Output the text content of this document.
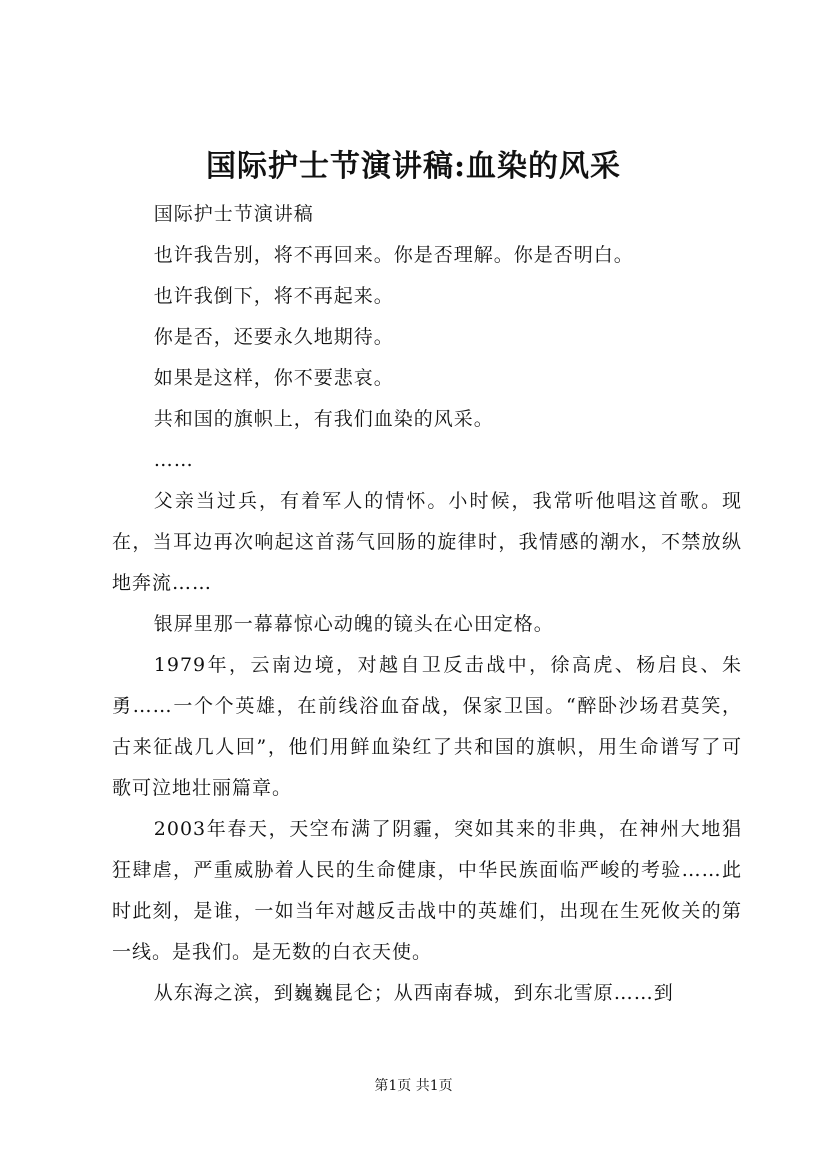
国际护士节演讲稿:血染的风采

国际护士节演讲稿

也许我告别，将不再回来。你是否理解。你是否明白。

也许我倒下，将不再起来。

你是否，还要永久地期待。

如果是这样，你不要悲哀。

共和国的旗帜上，有我们血染的风采。

……

父亲当过兵，有着军人的情怀。小时候，我常听他唱这首歌。现在，当耳边再次响起这首荡气回肠的旋律时，我情感的潮水，不禁放纵地奔流……

银屏里那一幕幕惊心动魄的镜头在心田定格。

1979年，云南边境，对越自卫反击战中，徐高虎、杨启良、朱勇……一个个英雄，在前线浴血奋战，保家卫国。“醉卧沙场君莫笑，古来征战几人回”，他们用鲜血染红了共和国的旗帜，用生命谱写了可歌可泣地壮丽篇章。

2003年春天，天空布满了阴霾，突如其来的非典，在神州大地猖狂肆虐，严重威胁着人民的生命健康，中华民族面临严峻的考验……此时此刻，是谁，一如当年对越反击战中的英雄们，出现在生死攸关的第一线。是我们。是无数的白衣天使。

从东海之滨，到巍巍昆仑；从西南春城，到东北雪原……到

第1页 共1页
